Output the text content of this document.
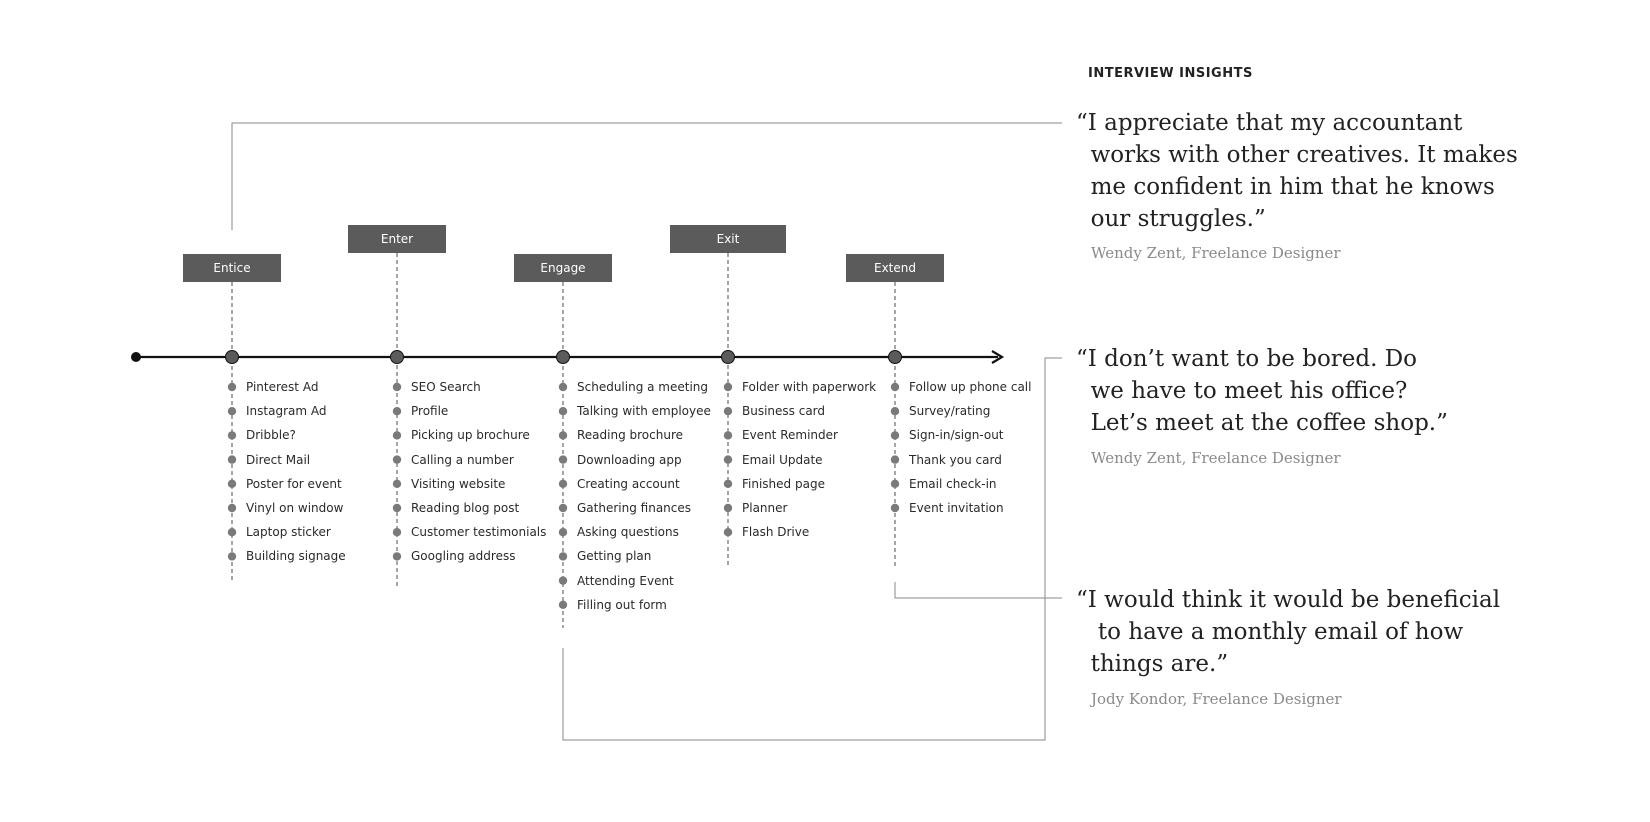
Entice
Enter
Engage
Exit
Extend
Pinterest Ad
Instagram Ad
Dribble?
Direct Mail
Poster for event
Vinyl on window
Laptop sticker
Building signage
SEO Search
Profile
Picking up brochure
Calling a number
Visiting website
Reading blog post
Customer testimonials
Googling address
Scheduling a meeting
Talking with employee
Reading brochure
Downloading app
Creating account
Gathering finances
Asking questions
Getting plan
Attending Event
Filling out form
Folder with paperwork
Business card
Event Reminder
Email Update
Finished page
Planner
Flash Drive
Follow up phone call
Survey/rating
Sign-in/sign-out
Thank you card
Email check-in
Event invitation
INTERVIEW INSIGHTS

“I appreciate that my accountant
works with other creatives. It makes
me confident in him that he knows
our struggles.”

Wendy Zent, Freelance Designer

“I don’t want to be bored. Do
we have to meet his office?
Let’s meet at the coffee shop.”

Wendy Zent, Freelance Designer

“I would think it would be beneficial
to have a monthly email of how
things are.”

Jody Kondor, Freelance Designer
